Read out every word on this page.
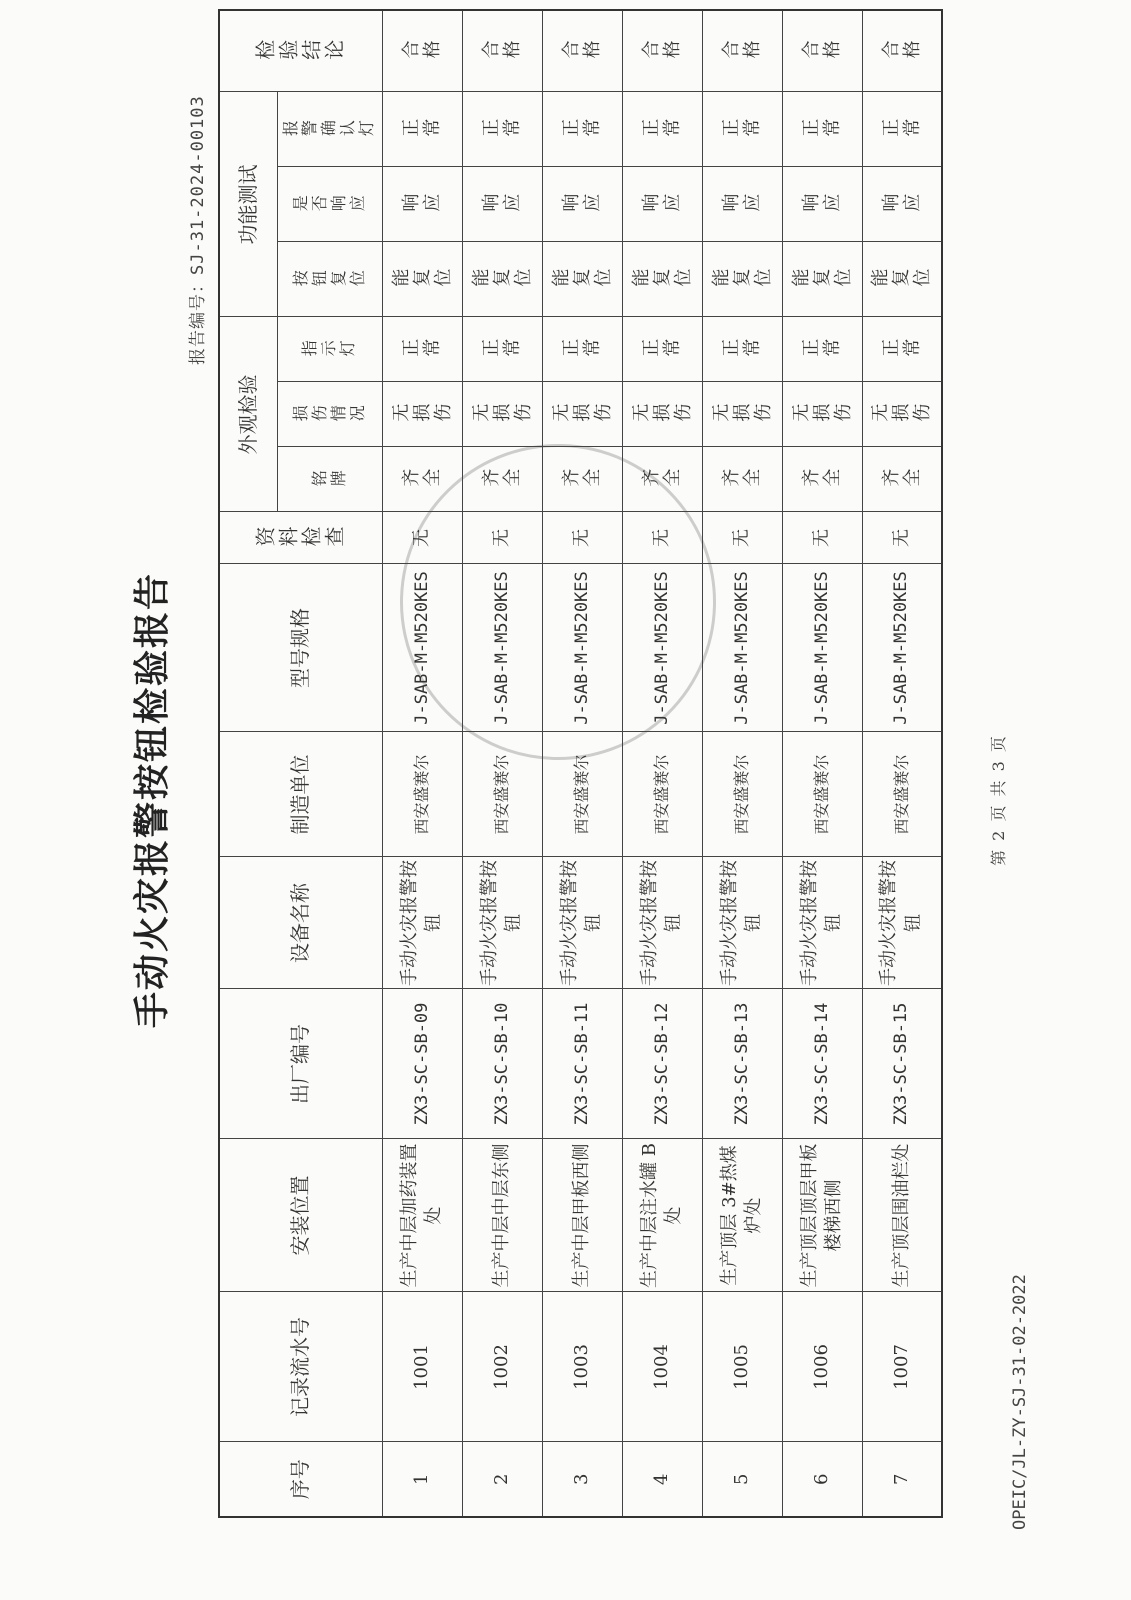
OPEIC/JL-ZY-SJ-31-02-2022
报告编号：SJ-31-2024-00103
手动火灾报警按钮检验报告
序号	记录流水号	安装位置	出厂编号	设备名称	制造单位	型号规格	资料检查	外观检验			功能测试			检验结论
								铭牌	损伤情况	指示灯	按钮复位	是否响应	报警确认灯	
1	1001	生产中层加药装置处	ZX3-SC-SB-09	手动火灾报警按钮	西安盛赛尔	J-SAB-M-M520KES	无	齐全	无损伤	正常	能复位	响应	正常	合格
2	1002	生产中层中层东侧	ZX3-SC-SB-10	手动火灾报警按钮	西安盛赛尔	J-SAB-M-M520KES	无	齐全	无损伤	正常	能复位	响应	正常	合格
3	1003	生产中层甲板西侧	ZX3-SC-SB-11	手动火灾报警按钮	西安盛赛尔	J-SAB-M-M520KES	无	齐全	无损伤	正常	能复位	响应	正常	合格
4	1004	生产中层注水罐 B 处	ZX3-SC-SB-12	手动火灾报警按钮	西安盛赛尔	J-SAB-M-M520KES	无	齐全	无损伤	正常	能复位	响应	正常	合格
5	1005	生产顶层 3#热煤炉处	ZX3-SC-SB-13	手动火灾报警按钮	西安盛赛尔	J-SAB-M-M520KES	无	齐全	无损伤	正常	能复位	响应	正常	合格
6	1006	生产顶层顶层甲板楼梯西侧	ZX3-SC-SB-14	手动火灾报警按钮	西安盛赛尔	J-SAB-M-M520KES	无	齐全	无损伤	正常	能复位	响应	正常	合格
7	1007	生产顶层围油栏处	ZX3-SC-SB-15	手动火灾报警按钮	西安盛赛尔	J-SAB-M-M520KES	无	齐全	无损伤	正常	能复位	响应	正常	合格
第 2 页 共 3 页
